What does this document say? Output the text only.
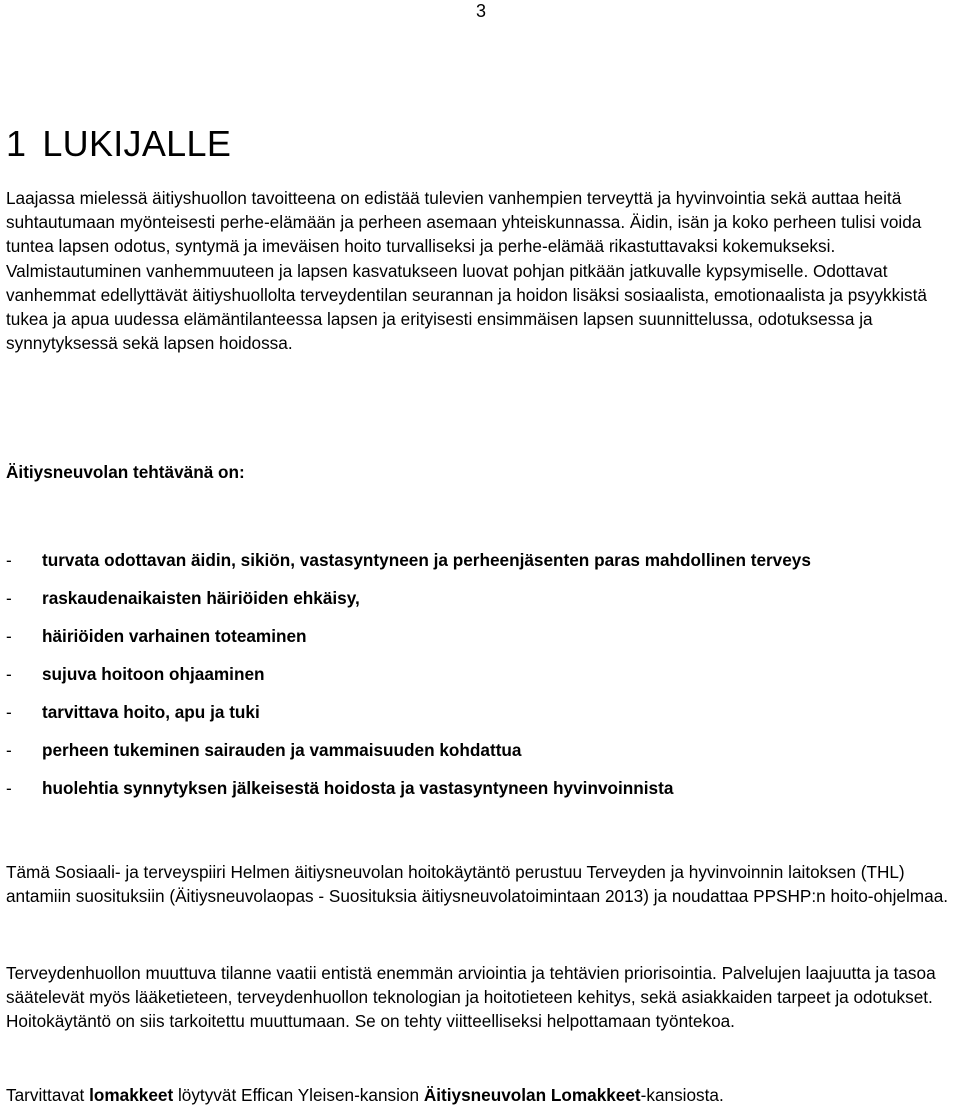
3
1 LUKIJALLE

Laajassa mielessä äitiyshuollon tavoitteena on edistää tulevien vanhempien terveyttä ja hyvinvointia sekä auttaa heitä suhtautumaan myönteisesti perhe-elämään ja perheen asemaan yhteiskunnassa. Äidin, isän ja koko perheen tulisi voida tuntea lapsen odotus, syntymä ja imeväisen hoito turvalliseksi ja perhe-elämää rikastuttavaksi kokemukseksi. Valmistautuminen vanhemmuuteen ja lapsen kasvatukseen luovat pohjan pitkään jatkuvalle kypsymiselle. Odottavat vanhemmat edellyttävät äitiyshuollolta terveydentilan seurannan ja hoidon lisäksi sosiaalista, emotionaalista ja psyykkistä tukea ja apua uudessa elämäntilanteessa lapsen ja erityisesti ensimmäisen lapsen suunnittelussa, odotuksessa ja synnytyksessä sekä lapsen hoidossa.

Äitiysneuvolan tehtävänä on:
- turvata odottavan äidin, sikiön, vastasyntyneen ja perheenjäsenten paras mahdollinen terveys
- raskaudenaikaisten häiriöiden ehkäisy,
- häiriöiden varhainen toteaminen
- sujuva hoitoon ohjaaminen
- tarvittava hoito, apu ja tuki
- perheen tukeminen sairauden ja vammaisuuden kohdattua
- huolehtia synnytyksen jälkeisestä hoidosta ja vastasyntyneen hyvinvoinnista

Tämä Sosiaali- ja terveyspiiri Helmen äitiysneuvolan hoitokäytäntö perustuu Terveyden ja hyvinvoinnin laitoksen (THL) antamiin suosituksiin (Äitiysneuvolaopas - Suosituksia äitiysneuvolatoimintaan 2013) ja noudattaa PPSHP:n hoito-ohjelmaa.

Terveydenhuollon muuttuva tilanne vaatii entistä enemmän arviointia ja tehtävien priorisointia. Palvelujen laajuutta ja tasoa säätelevät myös lääketieteen, terveydenhuollon teknologian ja hoitotieteen kehitys, sekä asiakkaiden tarpeet ja odotukset. Hoitokäytäntö on siis tarkoitettu muuttumaan. Se on tehty viitteelliseksi helpottamaan työntekoa.

Tarvittavat lomakkeet löytyvät Effican Yleisen-kansion Äitiysneuvolan Lomakkeet-kansiosta.
